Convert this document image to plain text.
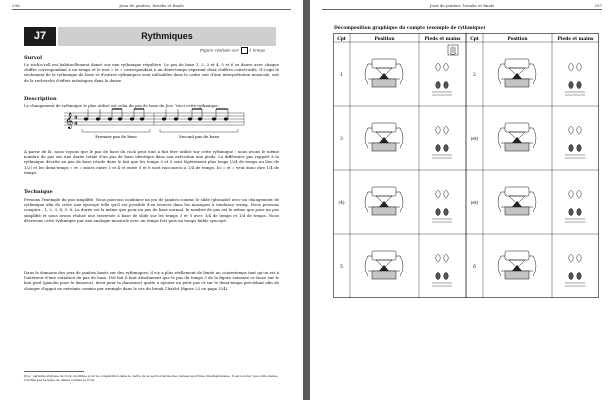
296	Jeux de jambes, breaks et finals
J7	Rythmiques
Figure réalisée sur	1 temps
Survol

Le rock'n'roll est habituellement dansé sur une rythmique régulière. Le pas de base 1, 2, 3 et 4, 5 et 6 se danse avec chaque chiffre correspondant à un temps et le mot « et » correspondant à un demi-temps séparant deux chiffres consécutifs. Il s'agit là seulement de la rythmique de base et d'autres rythmiques sont utilisables dans le cadre soit d'une interprétation musicale, soit de la recherche d'effets artistiques dans la danse.

Description

Le changement de rythmique le plus utilisé est celui du pas de base du Jive. Voici cette rythmique :

𝄞 4
4
Premier pas de base	Second pas de base

À partir de là, nous voyons que le pas de base du rock peut tout à fait être utilisé sur cette rythmique : nous avons le même nombre de pas sur une durée totale d'un pas de base identique dans son exécution aux pieds. La différence par rapport à la rythmique décrite au pas de base réside dans le fait que les temps 3 et 5 sont légèrement plus longs (3/4 de temps au lieu de 1/2) et les demi-temps « et » situés entre 3 et 4 et entre 5 et 6 sont raccourcis à 1/4 de temps. Ici « et » veut donc dire 1/4 de temps.

Technique

Prenons l'exemple du pas simplifié. Nous pouvons combiner un jeu de jambes comme le slide (glissade) avec un changement de rythmique afin de créer une syncope telle qu'il est possible d'en trouver dans les musiques à tendance swing. Nous pouvons compter : 1, 2, 3, 4, 5, 6. La durée est la même que pour un pas de base normal, le nombre de pas est le même que pour un pas simplifié et nous avons réalisé une traversée à base de slide sur les temps 3 et 5 avec 3/4 de temps et 1/4 de temps. Nous décrivons cette rythmique par une analogie musicale avec un temps fort puis un temps faible syncopé.

Dans le domaine des jeux de jambes basés sur des rythmiques, il n'y a plus réellement de limite au contretemps tant qu'on est à l'intérieur d'une variation du pas de base. Del fait il faut absolument que le pas du temps 3 de la figure suivante se fasse sur le bon pied (gauche pour le danseur), droit pour la danseuse) quitte à ajouter un petit pas et sur le demi-temps précédant afin de changer d'appui en extrémis comme par exemple dans le cas du break Charlot (figure 23 en page 324).

Jive : variante stylisée du rock, modifiée pour la compétition dans le cadre de la section latine des danses sportives internationales. Il est à noter que cette danse s'utilise par la ligne de danse comme le rock.

Jeux de jambes, breaks et finals	297
Décomposition graphique du compte (exemple de rythmique)
Cpt	Position	Pieds et mains Cpt	Position	Pieds et mains
1	2
3	(et)
(4)	(et)
5	6
